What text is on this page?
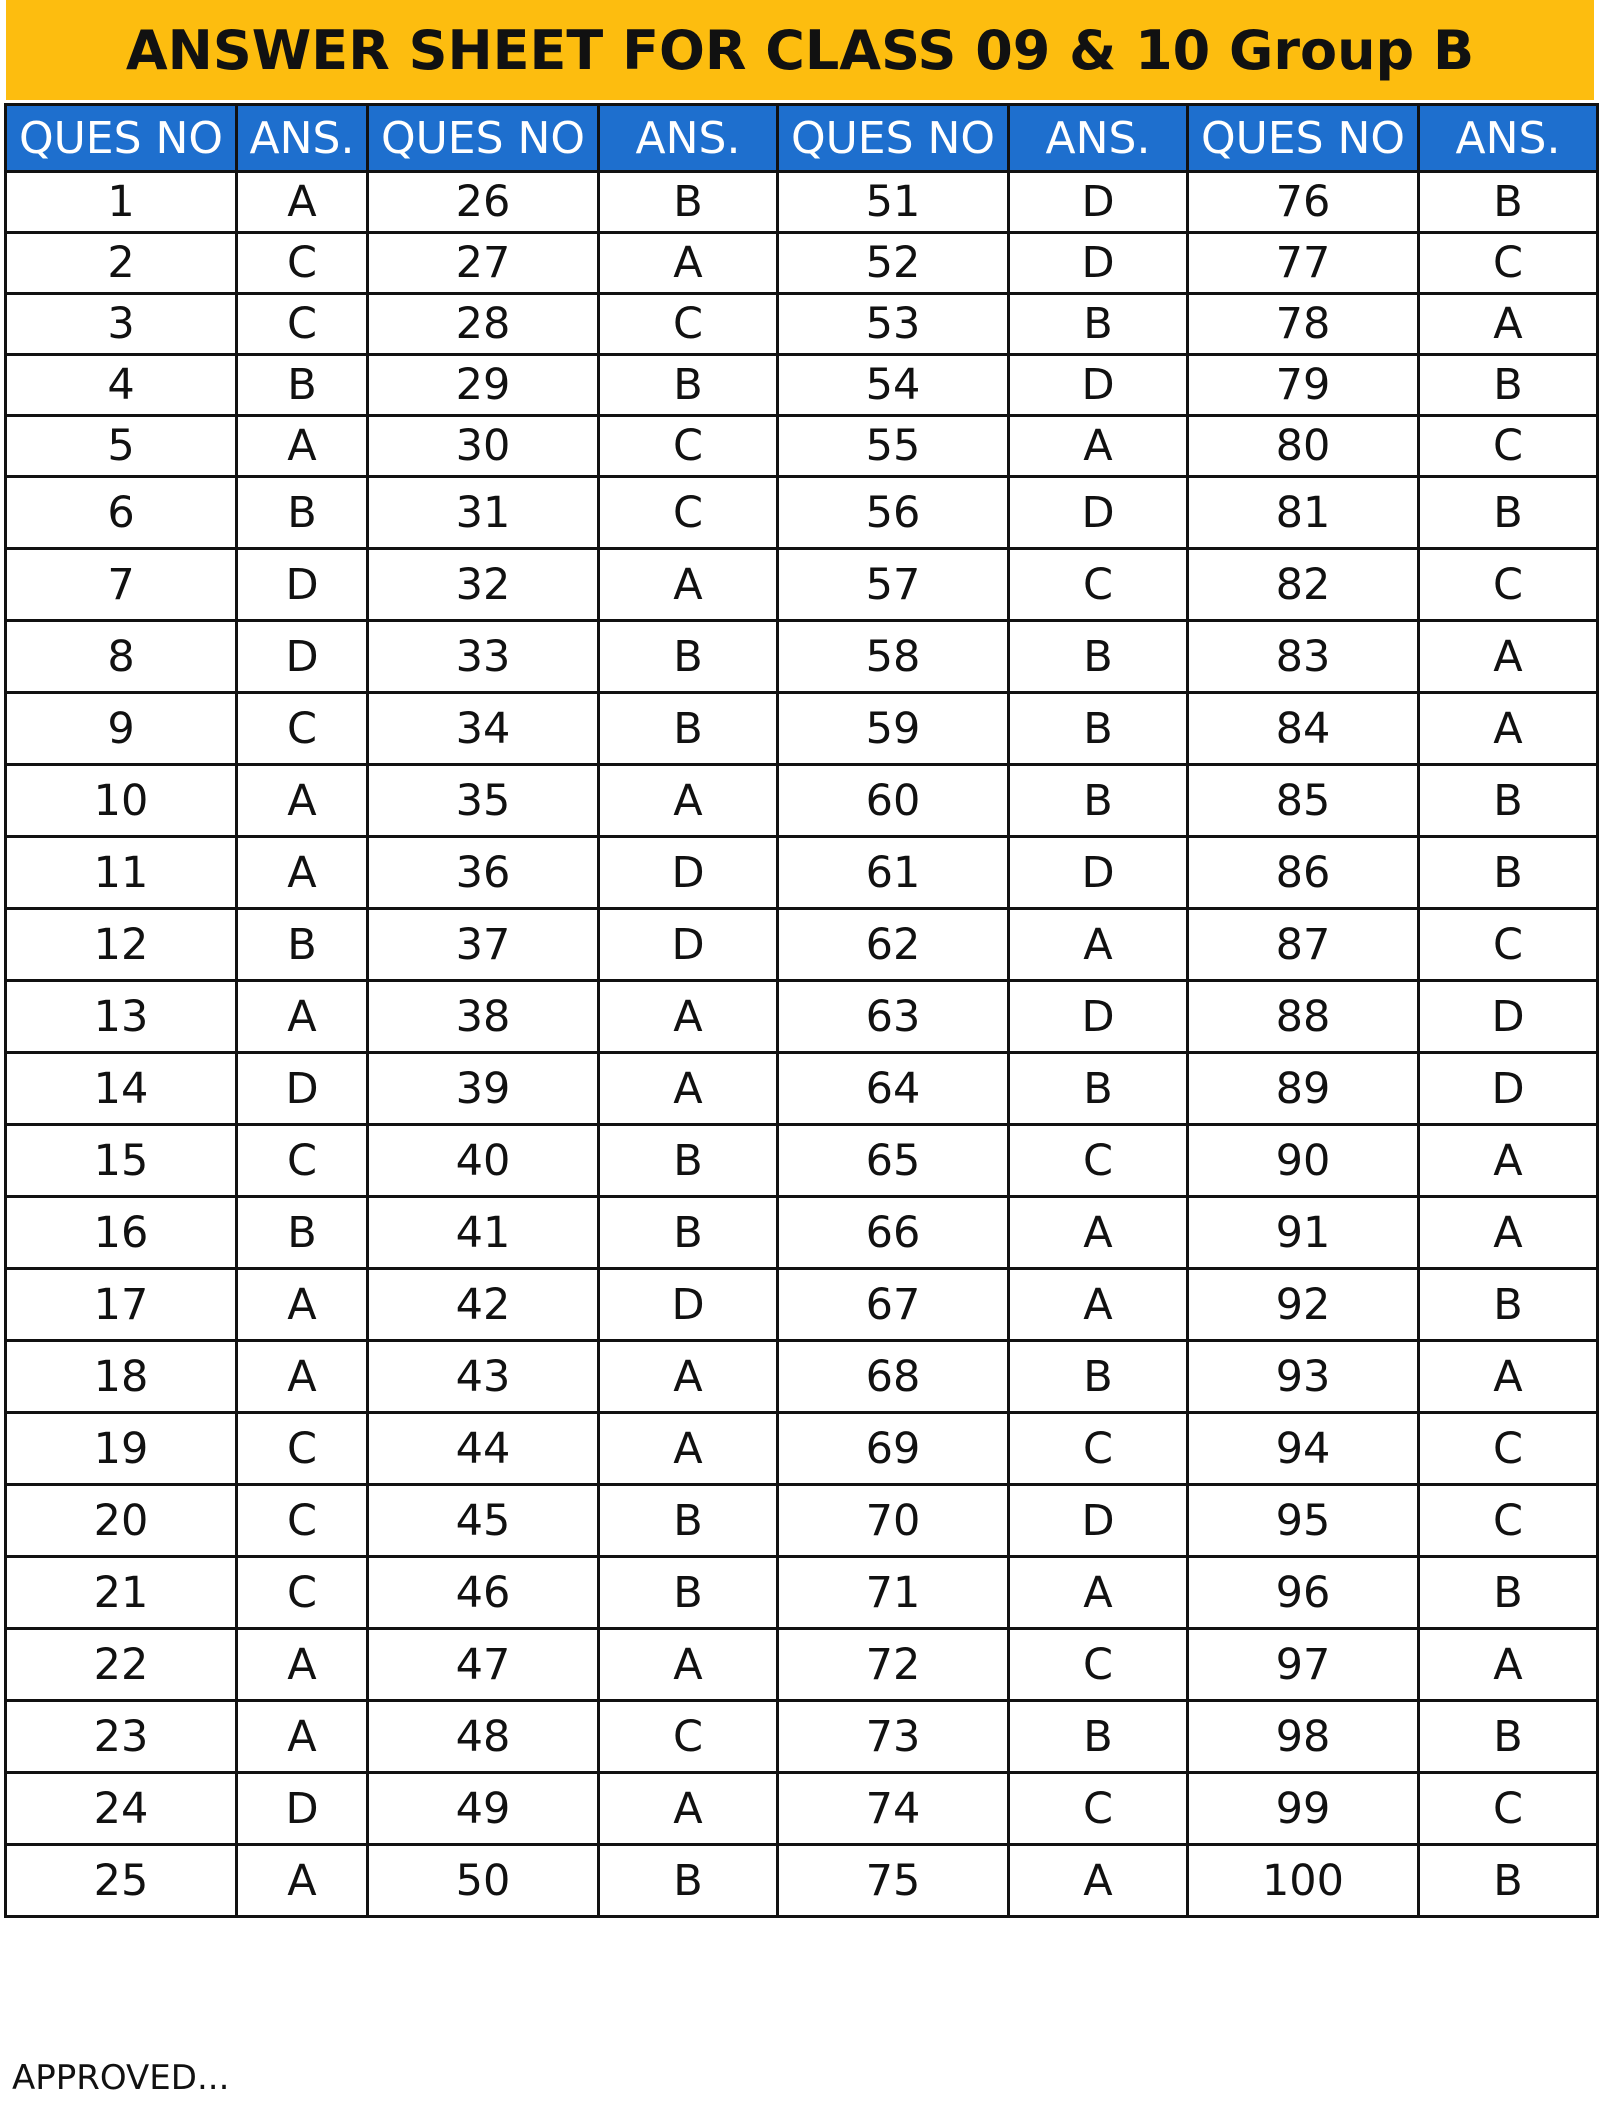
ANSWER SHEET FOR CLASS 09 & 10 Group B
QUES NO	ANS.	QUES NO	ANS.	QUES NO	ANS.	QUES NO	ANS.
1	A	26	B	51	D	76	B
2	C	27	A	52	D	77	C
3	C	28	C	53	B	78	A
4	B	29	B	54	D	79	B
5	A	30	C	55	A	80	C
6	B	31	C	56	D	81	B
7	D	32	A	57	C	82	C
8	D	33	B	58	B	83	A
9	C	34	B	59	B	84	A
10	A	35	A	60	B	85	B
11	A	36	D	61	D	86	B
12	B	37	D	62	A	87	C
13	A	38	A	63	D	88	D
14	D	39	A	64	B	89	D
15	C	40	B	65	C	90	A
16	B	41	B	66	A	91	A
17	A	42	D	67	A	92	B
18	A	43	A	68	B	93	A
19	C	44	A	69	C	94	C
20	C	45	B	70	D	95	C
21	C	46	B	71	A	96	B
22	A	47	A	72	C	97	A
23	A	48	C	73	B	98	B
24	D	49	A	74	C	99	C
25	A	50	B	75	A	100	B
APPROVED...
